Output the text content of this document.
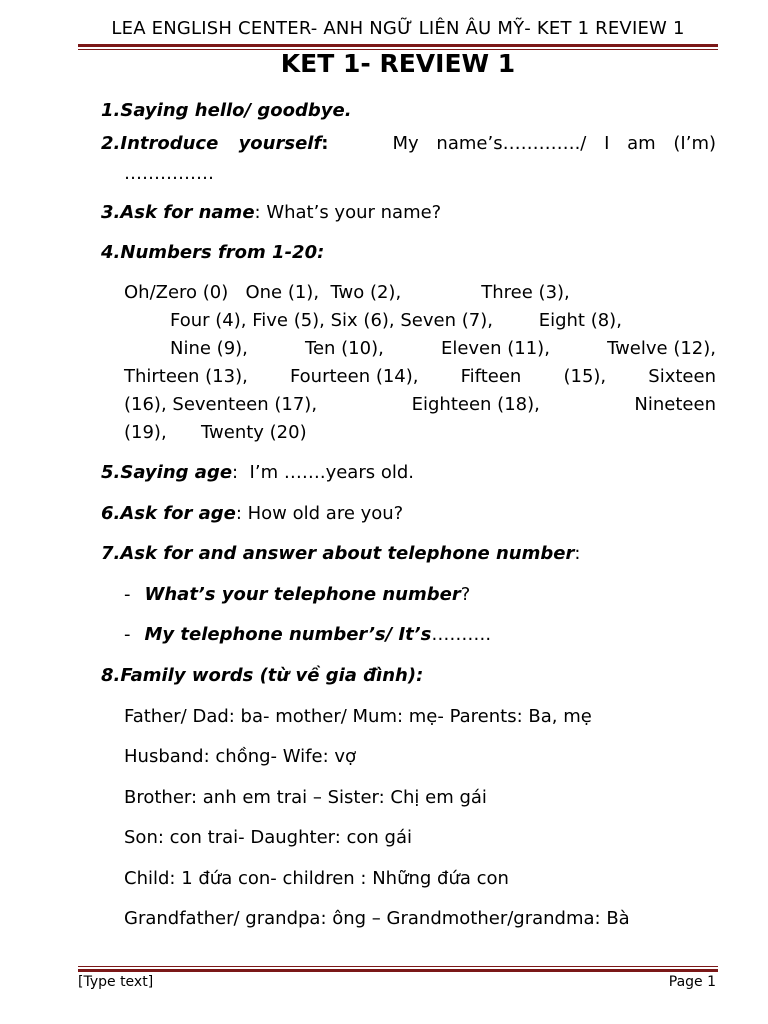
LEA ENGLISH CENTER- ANH NGỮ LIÊN ÂU MỸ- KET 1 REVIEW 1
KET 1- REVIEW 1
1.Saying hello/ goodbye.
2.Introduce yourself:	My name’s…………./ I am (I’m)
……………
3.Ask for name: What’s your name?
4.Numbers from 1-20:
Oh/Zero (0)   One (1),  Two (2),              Three (3),
Four (4), Five (5), Six (6), Seven (7),        Eight (8),
Nine (9),	Ten (10),	Eleven (11),	Twelve (12),
Thirteen (13), Fourteen (14), Fifteen (15), Sixteen
(16), Seventeen (17),	Eighteen (18),	Nineteen
(19),      Twenty (20)
5.Saying age:  I’m …….years old.
6.Ask for age: How old are you?
7.Ask for and answer about telephone number:
- What’s your telephone number?
- My telephone number’s/ It’s……….
8.Family words (từ về gia đình):
Father/ Dad: ba- mother/ Mum: mẹ- Parents: Ba, mẹ
Husband: chồng- Wife: vợ
Brother: anh em trai – Sister: Chị em gái
Son: con trai- Daughter: con gái
Child: 1 đứa con- children : Những đứa con
Grandfather/ grandpa: ông – Grandmother/grandma: Bà
[Type text]	Page 1
